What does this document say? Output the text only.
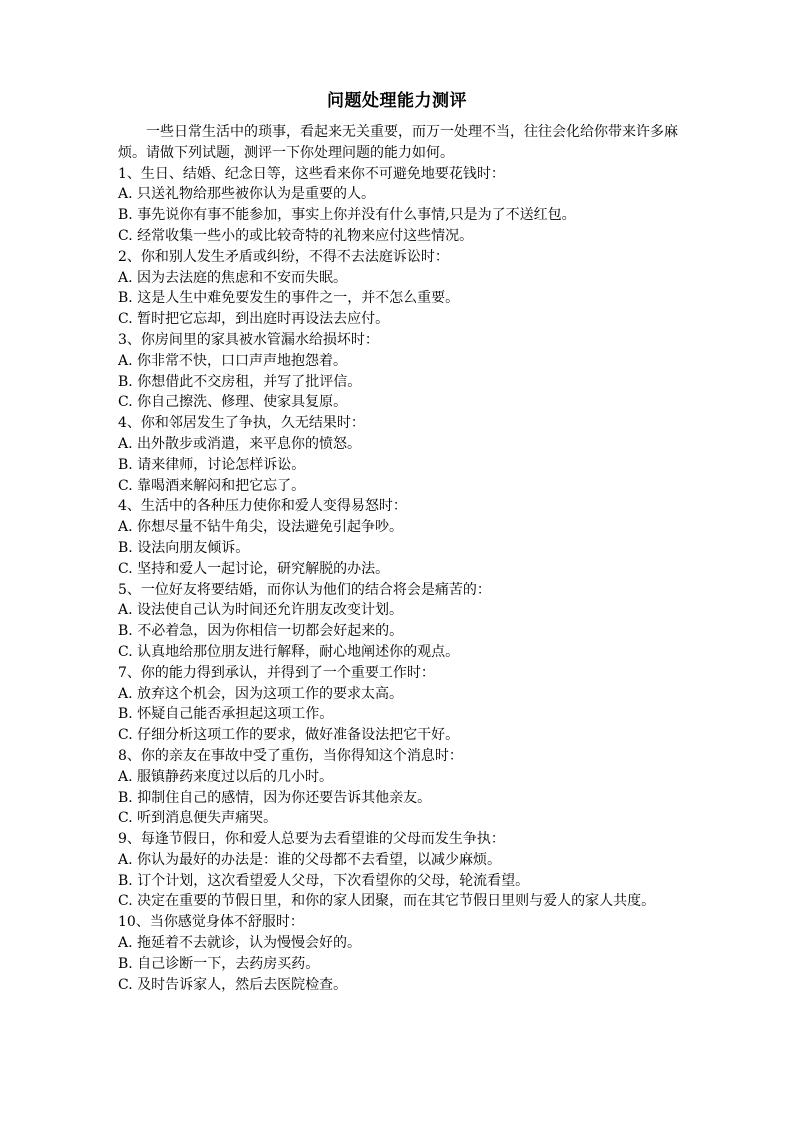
问题处理能力测评

一些日常生活中的琐事，看起来无关重要，而万一处理不当，往往会化给你带来许多麻烦。请做下列试题，测评一下你处理问题的能力如何。

1、生日、结婚、纪念日等，这些看来你不可避免地要花钱时：

A. 只送礼物给那些被你认为是重要的人。

B. 事先说你有事不能参加，事实上你并没有什么事情,只是为了不送红包。

C. 经常收集一些小的或比较奇特的礼物来应付这些情况。

2、你和别人发生矛盾或纠纷，不得不去法庭诉讼时：

A. 因为去法庭的焦虑和不安而失眠。

B. 这是人生中难免要发生的事件之一，并不怎么重要。

C. 暂时把它忘却，到出庭时再设法去应付。

3、你房间里的家具被水管漏水给损坏时：

A. 你非常不快，口口声声地抱怨着。

B. 你想借此不交房租，并写了批评信。

C. 你自己擦洗、修理、使家具复原。

4、你和邻居发生了争执，久无结果时：

A. 出外散步或消遣，来平息你的愤怒。

B. 请来律师，讨论怎样诉讼。

C. 靠喝酒来解闷和把它忘了。

4、生活中的各种压力使你和爱人变得易怒时：

A. 你想尽量不钻牛角尖，设法避免引起争吵。

B. 设法向朋友倾诉。

C. 坚持和爱人一起讨论，研究解脱的办法。

5、一位好友将要结婚，而你认为他们的结合将会是痛苦的：

A. 设法使自己认为时间还允许朋友改变计划。

B. 不必着急，因为你相信一切都会好起来的。

C. 认真地给那位朋友进行解释，耐心地阐述你的观点。

7、你的能力得到承认，并得到了一个重要工作时：

A. 放弃这个机会，因为这项工作的要求太高。

B. 怀疑自己能否承担起这项工作。

C. 仔细分析这项工作的要求，做好准备设法把它干好。

8、你的亲友在事故中受了重伤，当你得知这个消息时：

A. 服镇静药来度过以后的几小时。

B. 抑制住自己的感情，因为你还要告诉其他亲友。

C. 听到消息便失声痛哭。

9、每逢节假日，你和爱人总要为去看望谁的父母而发生争执：

A. 你认为最好的办法是：谁的父母都不去看望，以减少麻烦。

B. 订个计划，这次看望爱人父母，下次看望你的父母，轮流看望。

C. 决定在重要的节假日里，和你的家人团聚，而在其它节假日里则与爱人的家人共度。

10、当你感觉身体不舒服时：

A. 拖延着不去就诊，认为慢慢会好的。

B. 自己诊断一下，去药房买药。

C. 及时告诉家人，然后去医院检查。
